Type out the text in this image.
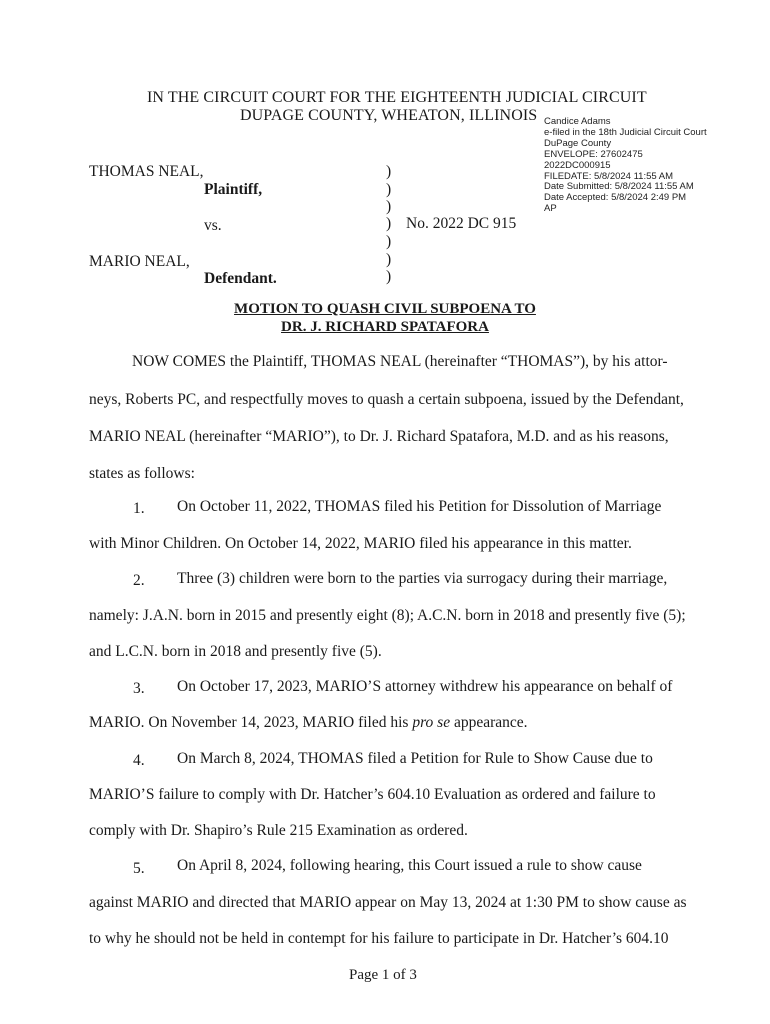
IN THE CIRCUIT COURT FOR THE EIGHTEENTH JUDICIAL CIRCUIT
DUPAGE COUNTY, WHEATON, ILLINOIS Candice Adams
e-filed in the 18th Judicial Circuit Court
DuPage County
ENVELOPE: 27602475
2022DC000915
FILEDATE: 5/8/2024 11:55 AM
Date Submitted: 5/8/2024 11:55 AM
Date Accepted: 5/8/2024 2:49 PM
AP
THOMAS NEAL,
Plaintiff,
vs.
MARIO NEAL,
Defendant.
No. 2022 DC 915
)
)
)
)
)
)
)
MOTION TO QUASH CIVIL SUBPOENA TO
DR. J. RICHARD SPATAFORA
NOW COMES the Plaintiff, THOMAS NEAL (hereinafter “THOMAS”), by his attor-
neys, Roberts PC, and respectfully moves to quash a certain subpoena, issued by the Defendant,
MARIO NEAL (hereinafter “MARIO”), to Dr. J. Richard Spatafora, M.D. and as his reasons,
states as follows:
1. On October 11, 2022, THOMAS filed his Petition for Dissolution of Marriage
with Minor Children. On October 14, 2022, MARIO filed his appearance in this matter.
2. Three (3) children were born to the parties via surrogacy during their marriage,
namely: J.A.N. born in 2015 and presently eight (8); A.C.N. born in 2018 and presently five (5);
and L.C.N. born in 2018 and presently five (5).
3. On October 17, 2023, MARIO’S attorney withdrew his appearance on behalf of
MARIO. On November 14, 2023, MARIO filed his pro se appearance.
4. On March 8, 2024, THOMAS filed a Petition for Rule to Show Cause due to
MARIO’S failure to comply with Dr. Hatcher’s 604.10 Evaluation as ordered and failure to
comply with Dr. Shapiro’s Rule 215 Examination as ordered.
5. On April 8, 2024, following hearing, this Court issued a rule to show cause
against MARIO and directed that MARIO appear on May 13, 2024 at 1:30 PM to show cause as
to why he should not be held in contempt for his failure to participate in Dr. Hatcher’s 604.10
Page 1 of 3
